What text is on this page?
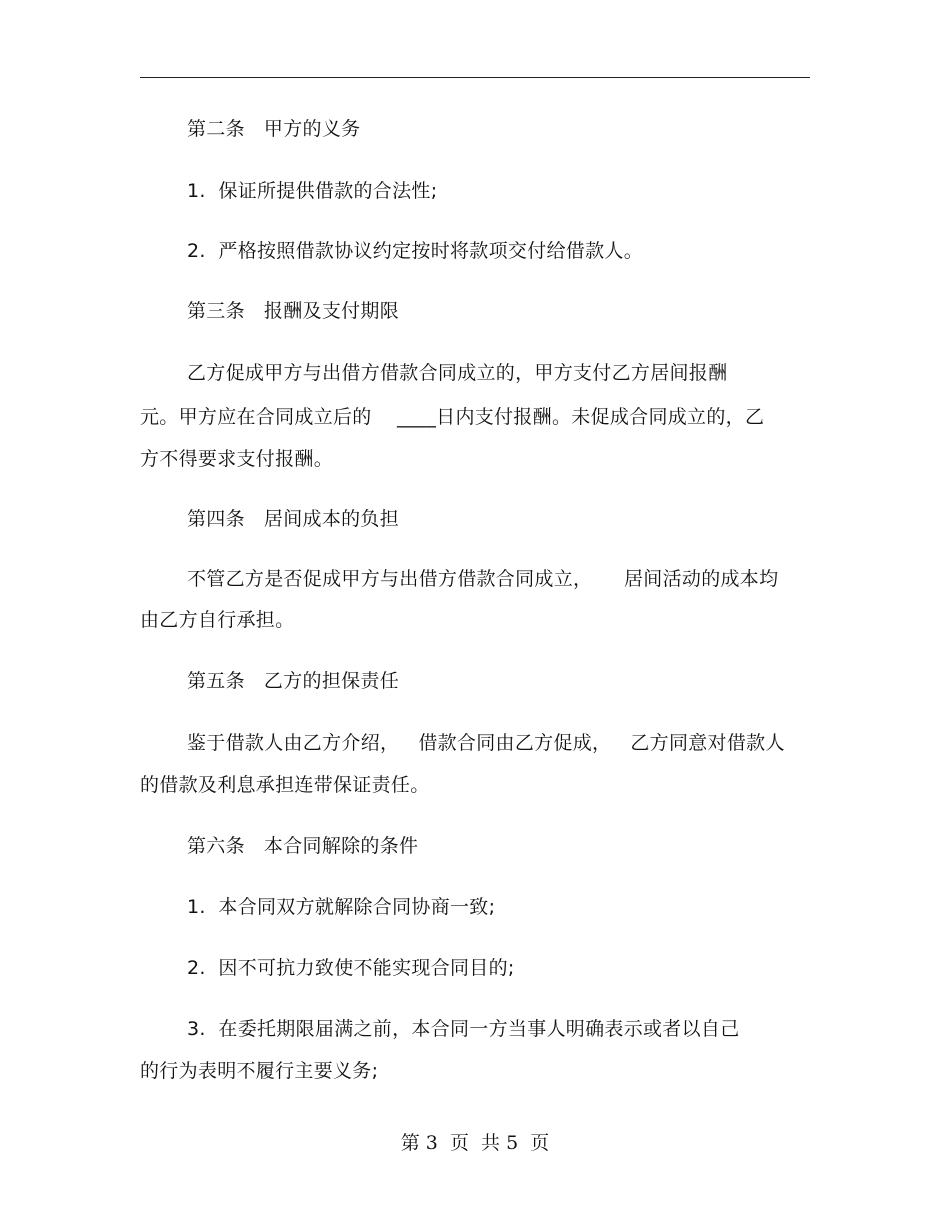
第二条   甲方的义务
1.  保证所提供借款的合法性;
2.  严格按照借款协议约定按时将款项交付给借款人。
第三条   报酬及支付期限
乙方促成甲方与出借方借款合同成立的，甲方支付乙方居间报酬
元。甲方应在合同成立后的    ____日内支付报酬。未促成合同成立的，乙
方不得要求支付报酬。
第四条   居间成本的负担
不管乙方是否促成甲方与出借方借款合同成立，     居间活动的成本均
由乙方自行承担。
第五条   乙方的担保责任
鉴于借款人由乙方介绍，   借款合同由乙方促成，   乙方同意对借款人
的借款及利息承担连带保证责任。
第六条   本合同解除的条件
1.  本合同双方就解除合同协商一致;
2.  因不可抗力致使不能实现合同目的;
3.  在委托期限届满之前，本合同一方当事人明确表示或者以自己
的行为表明不履行主要义务;
第 3  页  共 5  页
